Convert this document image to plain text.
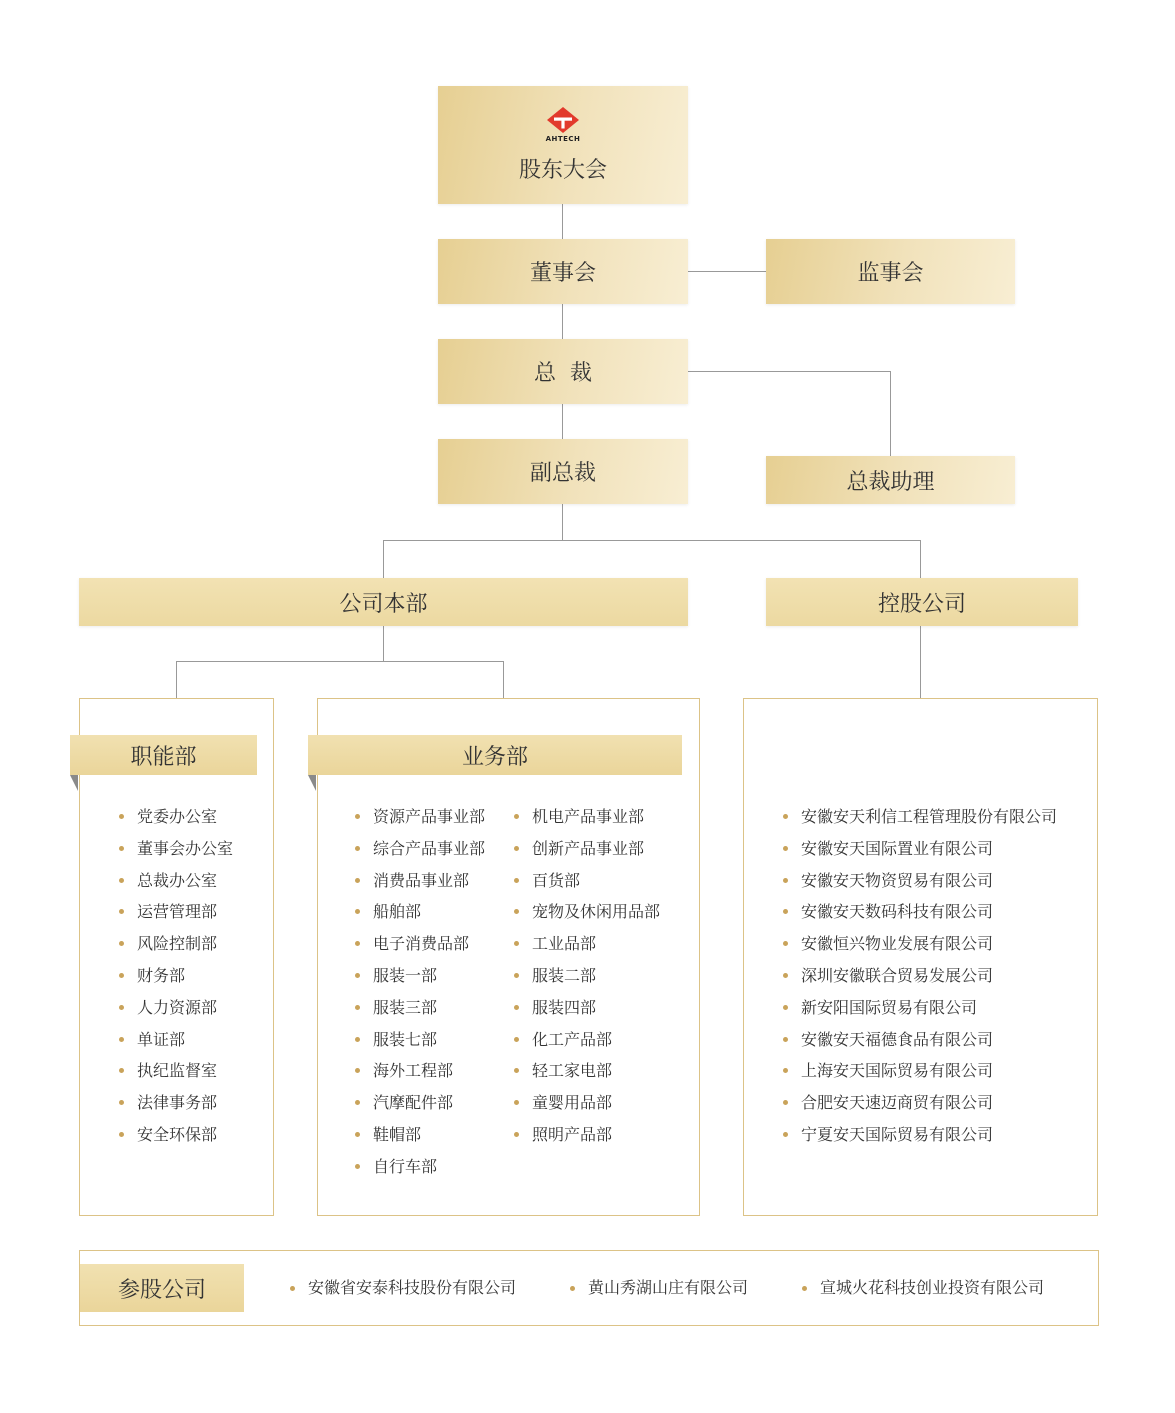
AHTECH
股东大会
董事会	监事会
总  裁
副总裁	总裁助理
公司本部	控股公司
职能部
党委办公室
董事会办公室
总裁办公室
运营管理部
风险控制部
财务部
人力资源部
单证部
执纪监督室
法律事务部
安全环保部
业务部
资源产品事业部
综合产品事业部
消费品事业部
船舶部
电子消费品部
服装一部
服装三部
服装七部
海外工程部
汽摩配件部
鞋帽部
自行车部
机电产品事业部
创新产品事业部
百货部
宠物及休闲用品部
工业品部
服装二部
服装四部
化工产品部
轻工家电部
童婴用品部
照明产品部
安徽安天利信工程管理股份有限公司
安徽安天国际置业有限公司
安徽安天物资贸易有限公司
安徽安天数码科技有限公司
安徽恒兴物业发展有限公司
深圳安徽联合贸易发展公司
新安阳国际贸易有限公司
安徽安天福德食品有限公司
上海安天国际贸易有限公司
合肥安天速迈商贸有限公司
宁夏安天国际贸易有限公司
参股公司	安徽省安泰科技股份有限公司	黄山秀湖山庄有限公司	宣城火花科技创业投资有限公司
